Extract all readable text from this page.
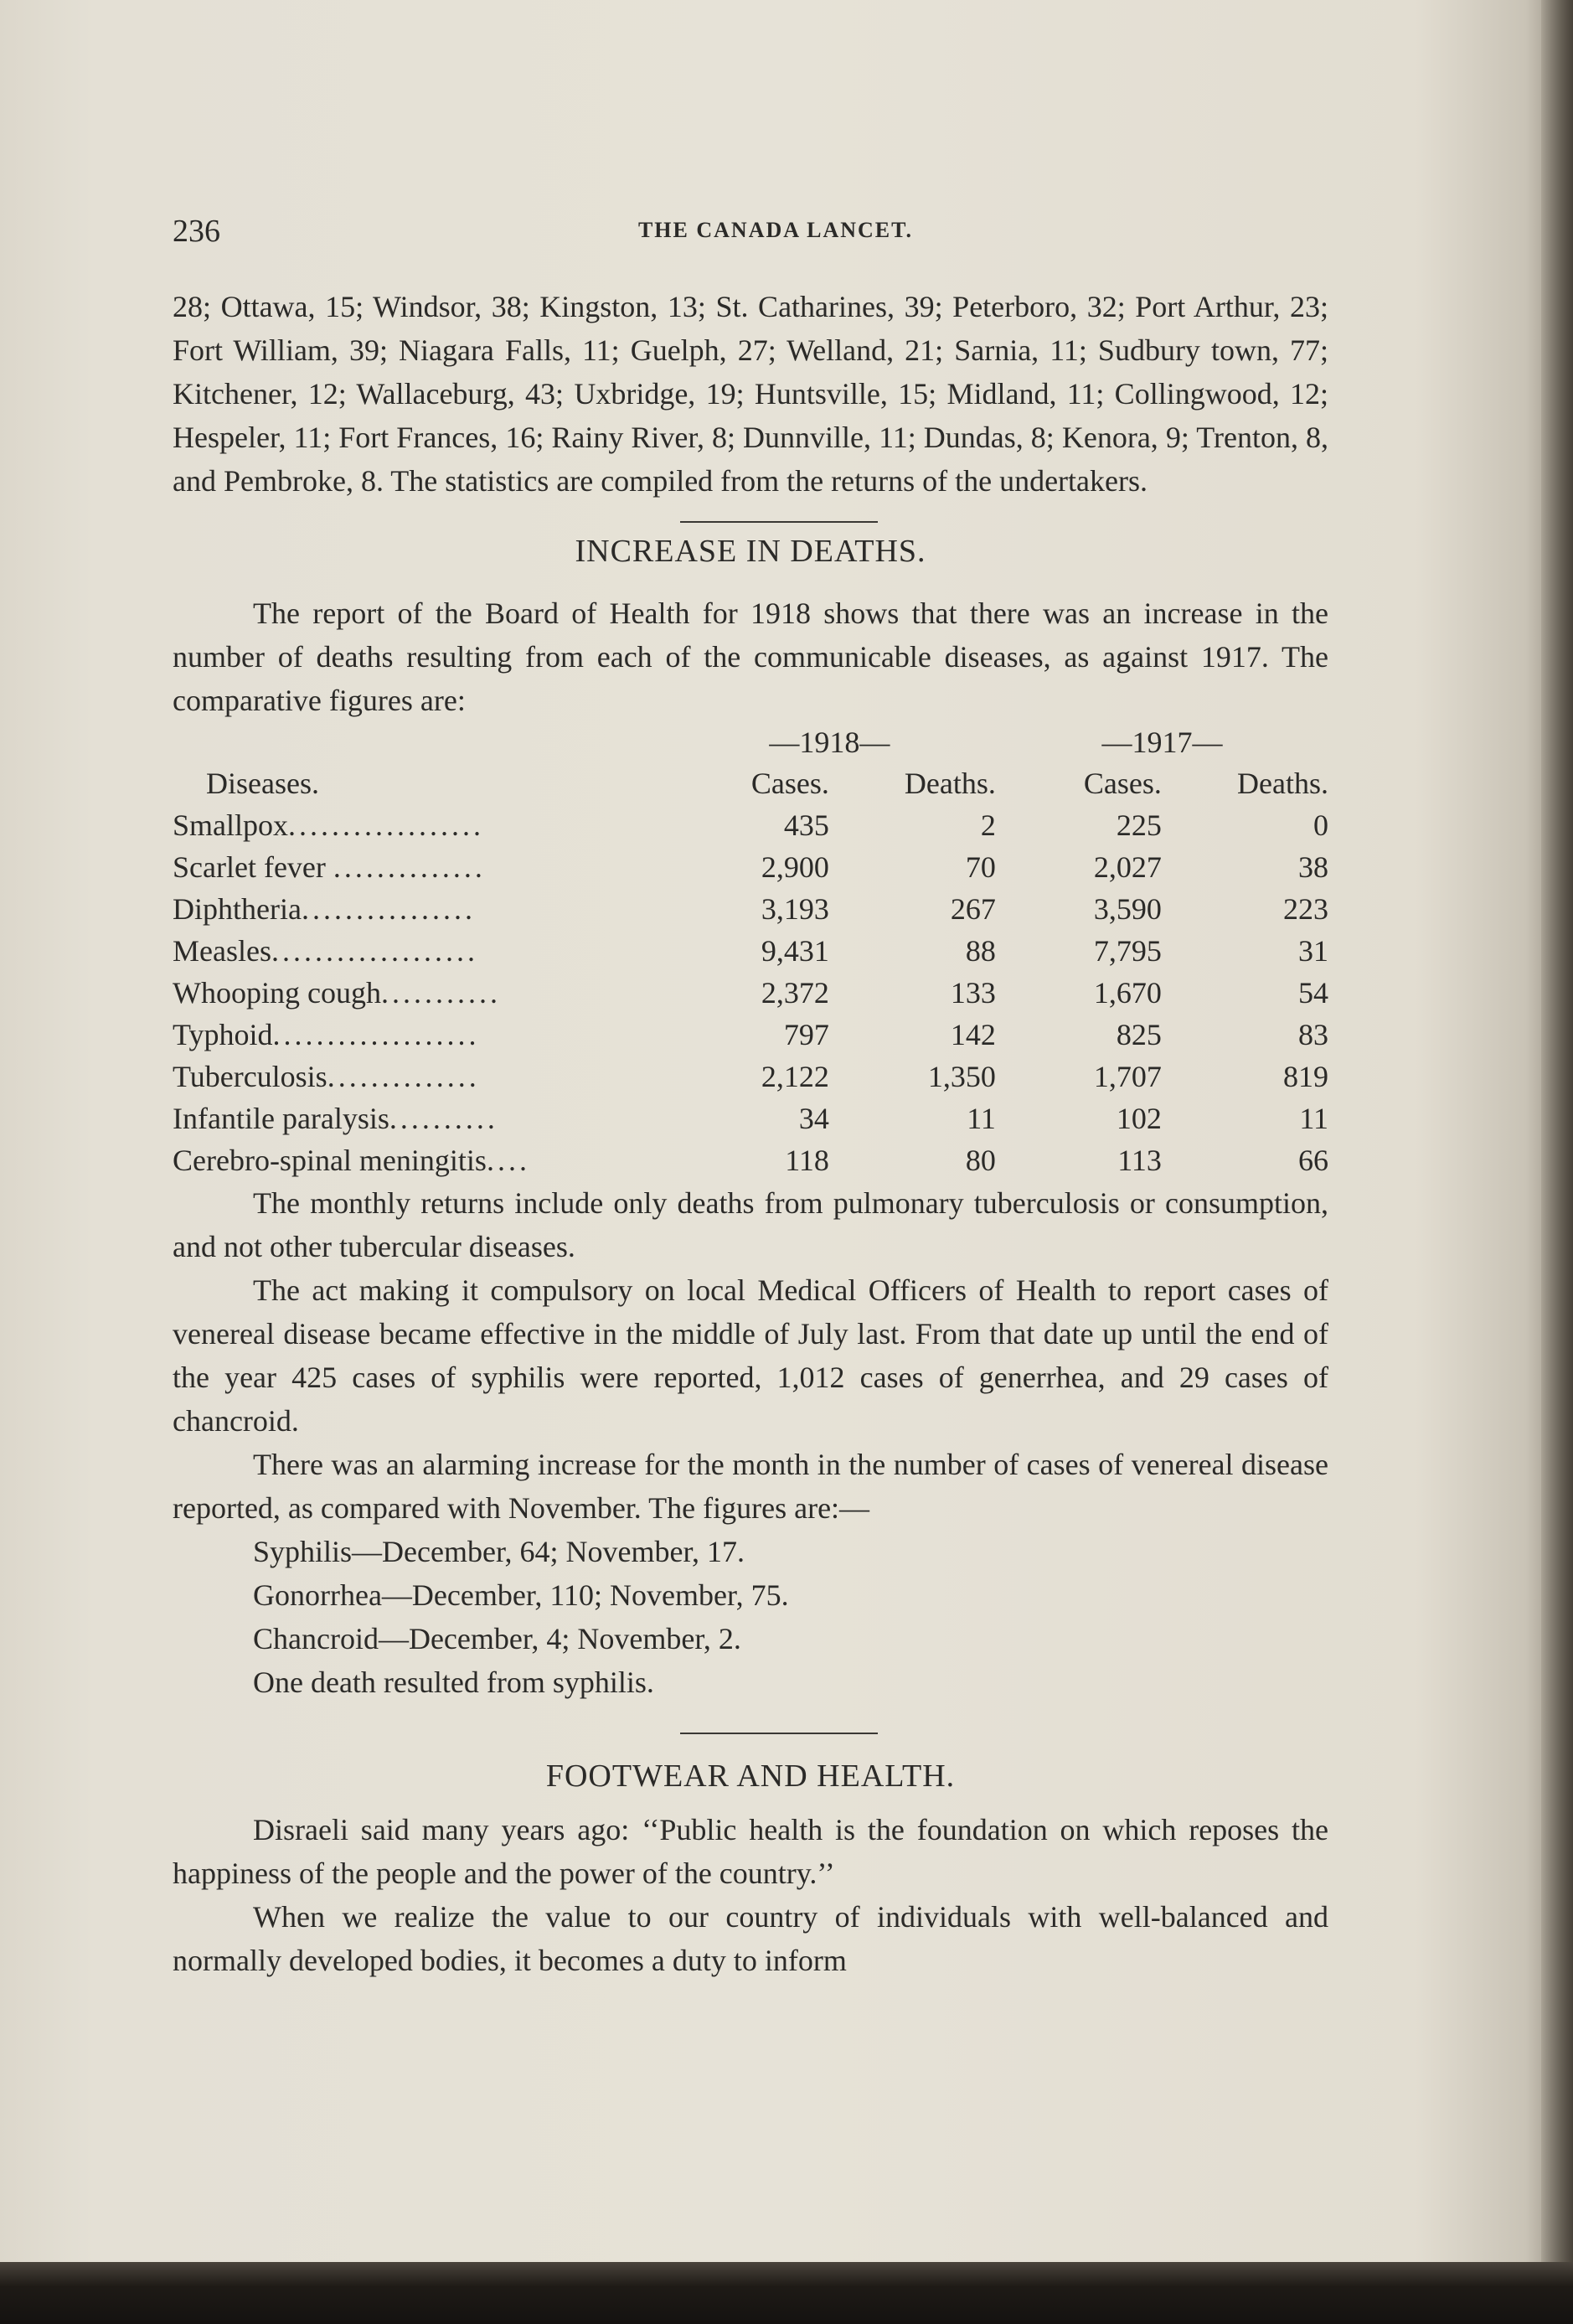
236	THE CANADA LANCET.

28; Ottawa, 15; Windsor, 38; Kingston, 13; St. Catharines, 39; Peterboro, 32; Port Arthur, 23; Fort William, 39; Niagara Falls, 11; Guelph, 27; Welland, 21; Sarnia, 11; Sudbury town, 77; Kitchener, 12; Wallaceburg, 43; Uxbridge, 19; Huntsville, 15; Midland, 11; Collingwood, 12; Hespeler, 11; Fort Frances, 16; Rainy River, 8; Dunnville, 11; Dundas, 8; Kenora, 9; Trenton, 8, and Pembroke, 8. The statistics are compiled from the returns of the undertakers.

INCREASE IN DEATHS.

The report of the Board of Health for 1918 shows that there was an increase in the number of deaths resulting from each of the communicable diseases, as against 1917. The comparative figures are:

	—1918—		—1917—	
Diseases.	Cases.	Deaths.	Cases.	Deaths.
Smallpox..................	435	2	225	0
Scarlet fever ..............	2,900	70	2,027	38
Diphtheria................	3,193	267	3,590	223
Measles...................	9,431	88	7,795	31
Whooping cough...........	2,372	133	1,670	54
Typhoid...................	797	142	825	83
Tuberculosis..............	2,122	1,350	1,707	819
Infantile paralysis..........	34	11	102	11
Cerebro-spinal meningitis....	118	80	113	66

The monthly returns include only deaths from pulmonary tuberculosis or consumption, and not other tubercular diseases.

The act making it compulsory on local Medical Officers of Health to report cases of venereal disease became effective in the middle of July last. From that date up until the end of the year 425 cases of syphilis were reported, 1,012 cases of generrhea, and 29 cases of chancroid.

There was an alarming increase for the month in the number of cases of venereal disease reported, as compared with November. The figures are:—

Syphilis—December, 64; November, 17.
Gonorrhea—December, 110; November, 75.
Chancroid—December, 4; November, 2.
One death resulted from syphilis.
FOOTWEAR AND HEALTH.

Disraeli said many years ago: ‘‘Public health is the foundation on which reposes the happiness of the people and the power of the country.’’

When we realize the value to our country of individuals with well-balanced and normally developed bodies, it becomes a duty to inform
